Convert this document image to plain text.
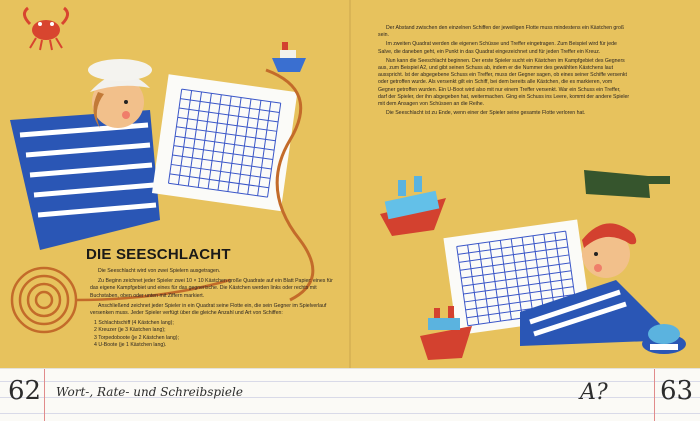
DIE SEESCHLACHT

Die Seeschlacht wird von zwei Spielern ausgetragen.

Zu Beginn zeichnet jeder Spieler zwei 10 × 10 Kästchen große Quadrate auf ein Blatt Papier: eines für das eigene Kampfgebiet und eines für das gegnerische. Die Kästchen werden links oder rechts mit Buchstaben, oben oder unten mit Ziffern markiert.

Anschließend zeichnet jeder Spieler in ein Quadrat seine Flotte ein, die sein Gegner im Spielverlauf versenken muss. Jeder Spieler verfügt über die gleiche Anzahl und Art von Schiffen:

1 Schlachtschiff (4 Kästchen lang);
2 Kreuzer (je 3 Kästchen lang);
3 Torpedoboote (je 2 Kästchen lang);
4 U-Boote (je 1 Kästchen lang).

Der Abstand zwischen den einzelnen Schiffen der jeweiligen Flotte muss mindestens ein Kästchen groß sein.

Im zweiten Quadrat werden die eigenen Schüsse und Treffer eingetragen. Zum Beispiel wird für jede Salve, die daneben geht, ein Punkt in das Quadrat eingezeichnet und für jeden Treffer ein Kreuz.

Nun kann die Seeschlacht beginnen. Der erste Spieler sucht ein Kästchen im Kampfgebiet des Gegners aus, zum Beispiel A2, und gibt seinen Schuss ab, indem er die Nummer des gewählten Kästchens laut ausspricht. Ist der abgegebene Schuss ein Treffer, muss der Gegner sagen, ob eines seiner Schiffe versenkt oder getroffen wurde. Als versenkt gilt ein Schiff, bei dem bereits alle Kästchen, die es markieren, vom Gegner getroffen wurden. Ein U-Boot wird also mit nur einem Treffer versenkt. War ein Schuss ein Treffer, darf der Spieler, der ihn abgegeben hat, weitermachen. Ging ein Schuss ins Leere, kommt der andere Spieler mit dem Ansagen von Schüssen an die Reihe.

Die Seeschlacht ist zu Ende, wenn einer der Spieler seine gesamte Flotte verloren hat.

62 Wort-, Rate- und Schreibspiele	A? 63
